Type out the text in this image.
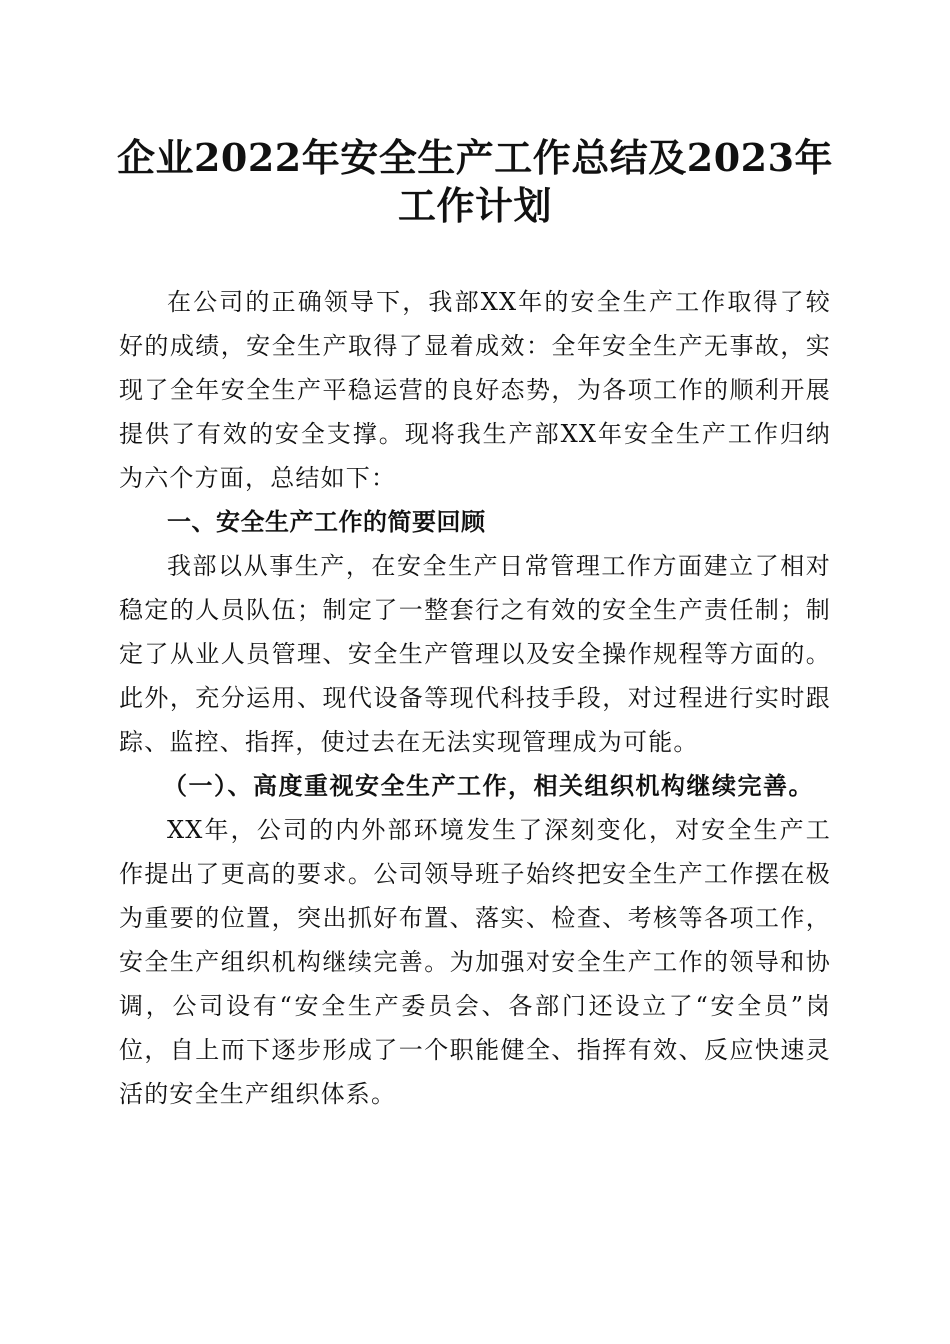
企业2022年安全生产工作总结及2023年工作计划

在公司的正确领导下，我部XX年的安全生产工作取得了较好的成绩，安全生产取得了显着成效：全年安全生产无事故，实现了全年安全生产平稳运营的良好态势，为各项工作的顺利开展提供了有效的安全支撑。现将我生产部XX年安全生产工作归纳为六个方面，总结如下：

一、安全生产工作的简要回顾

我部以从事生产，在安全生产日常管理工作方面建立了相对稳定的人员队伍；制定了一整套行之有效的安全生产责任制；制定了从业人员管理、安全生产管理以及安全操作规程等方面的。此外，充分运用、现代设备等现代科技手段，对过程进行实时跟踪、监控、指挥，使过去在无法实现管理成为可能。

（一）、高度重视安全生产工作，相关组织机构继续完善。

XX年，公司的内外部环境发生了深刻变化，对安全生产工作提出了更高的要求。公司领导班子始终把安全生产工作摆在极为重要的位置，突出抓好布置、落实、检查、考核等各项工作，安全生产组织机构继续完善。为加强对安全生产工作的领导和协调，公司设有“安全生产委员会、各部门还设立了“安全员”岗位，自上而下逐步形成了一个职能健全、指挥有效、反应快速灵活的安全生产组织体系。
